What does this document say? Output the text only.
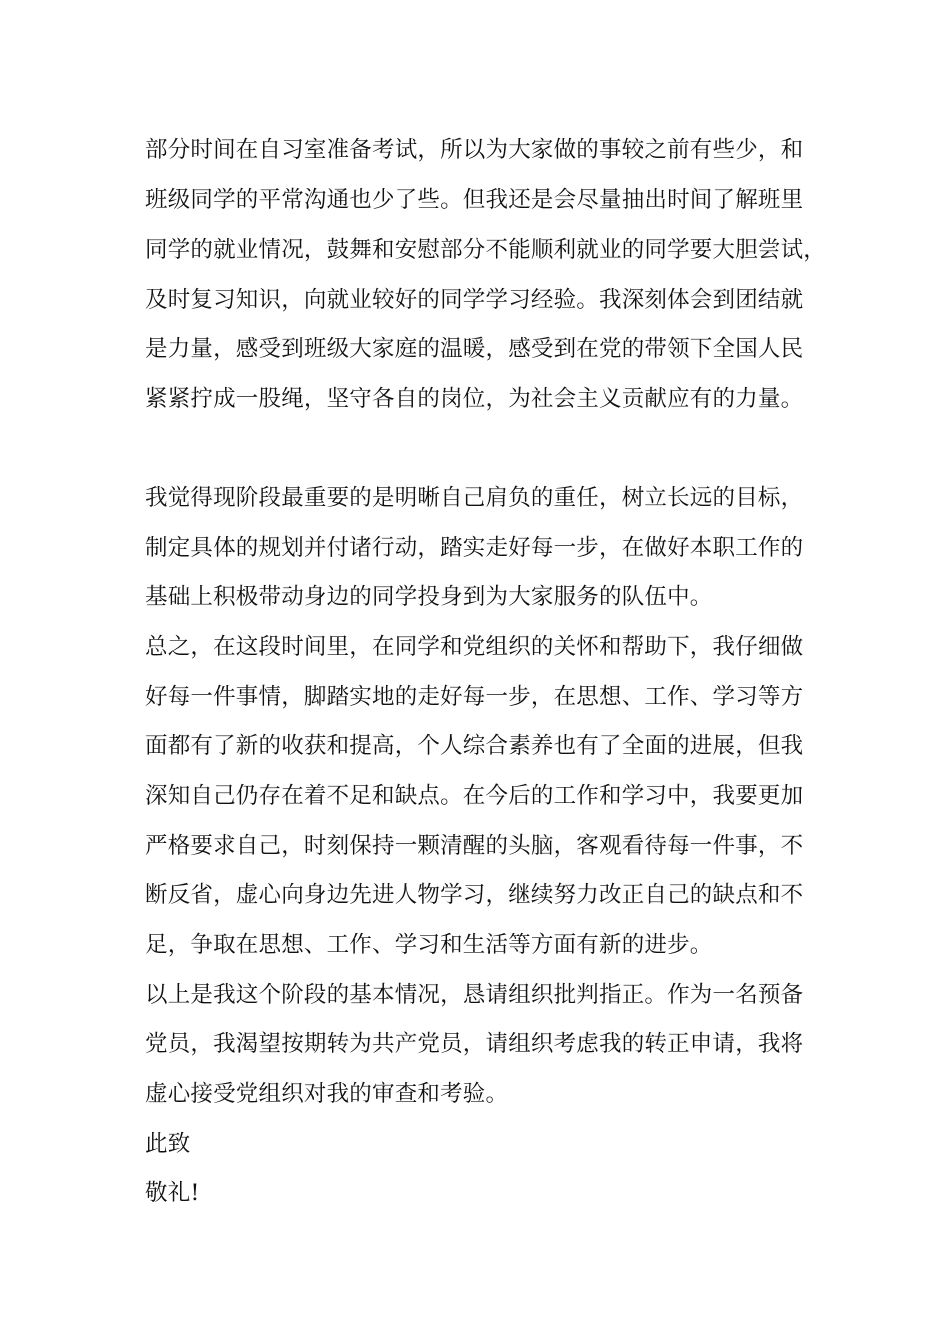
部分时间在自习室准备考试，所以为大家做的事较之前有些少，和
班级同学的平常沟通也少了些。但我还是会尽量抽出时间了解班里
同学的就业情况，鼓舞和安慰部分不能顺利就业的同学要大胆尝试，
及时复习知识，向就业较好的同学学习经验。我深刻体会到团结就
是力量，感受到班级大家庭的温暖，感受到在党的带领下全国人民
紧紧拧成一股绳，坚守各自的岗位，为社会主义贡献应有的力量。
我觉得现阶段最重要的是明晰自己肩负的重任，树立长远的目标，
制定具体的规划并付诸行动，踏实走好每一步，在做好本职工作的
基础上积极带动身边的同学投身到为大家服务的队伍中。
总之，在这段时间里，在同学和党组织的关怀和帮助下，我仔细做
好每一件事情，脚踏实地的走好每一步，在思想、工作、学习等方
面都有了新的收获和提高，个人综合素养也有了全面的进展，但我
深知自己仍存在着不足和缺点。在今后的工作和学习中，我要更加
严格要求自己，时刻保持一颗清醒的头脑，客观看待每一件事，不
断反省，虚心向身边先进人物学习，继续努力改正自己的缺点和不
足，争取在思想、工作、学习和生活等方面有新的进步。
以上是我这个阶段的基本情况，恳请组织批判指正。作为一名预备
党员，我渴望按期转为共产党员，请组织考虑我的转正申请，我将
虚心接受党组织对我的审查和考验。
此致
敬礼!
